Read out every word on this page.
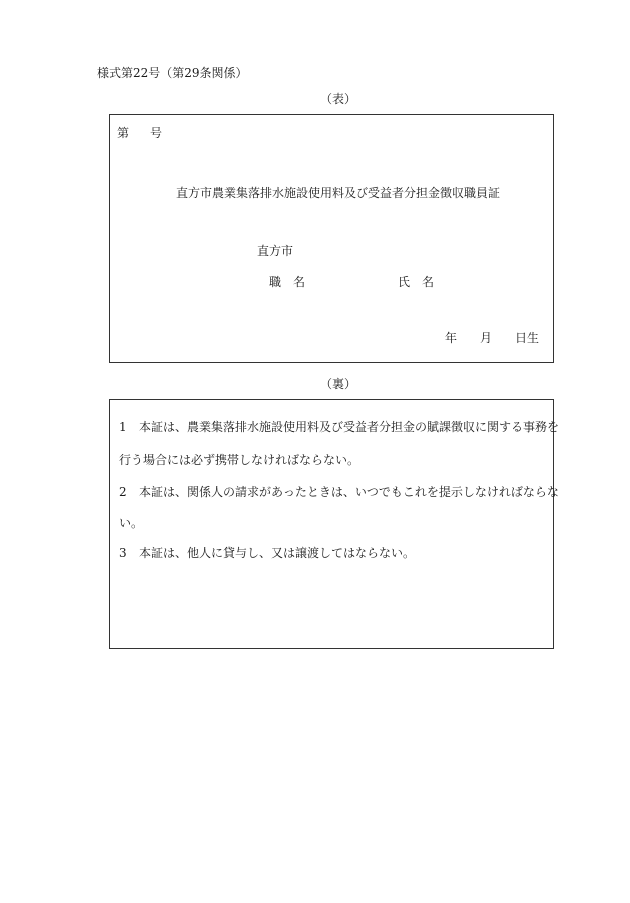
様式第22号（第29条関係）
（表）
第 号
直方市農業集落排水施設使用料及び受益者分担金徴収職員証
直方市
職　名	氏　名
年 月 日生
（裏）
1 本証は、農業集落排水施設使用料及び受益者分担金の賦課徴収に関する事務を
行う場合には必ず携帯しなければならない。
2 本証は、関係人の請求があったときは、いつでもこれを提示しなければならな
い。
3 本証は、他人に貸与し、又は譲渡してはならない。
